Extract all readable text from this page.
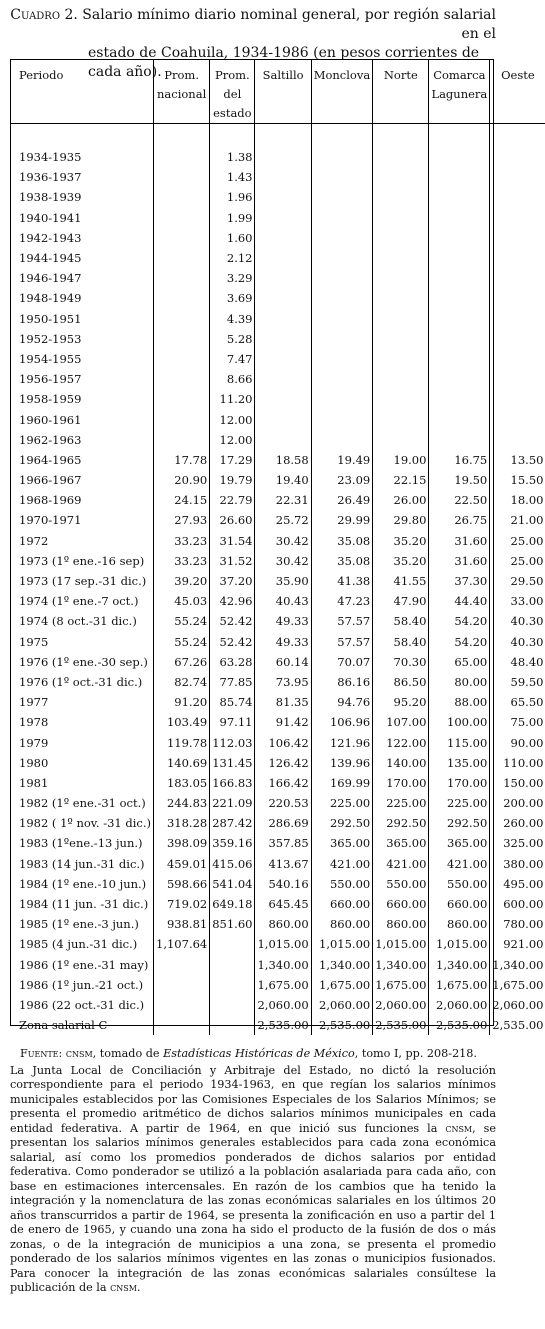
Cuadro 2. Salario mínimo diario nominal general, por región salarial en el
estado de Coahuila, 1934-1986 (en pesos corrientes de cada año).
Periodo	Prom. nacional	Prom. del estado	Saltillo	Monclova	Norte	Comarca Lagunera	Oeste

1934-1935		1.38					
1936-1937		1.43					
1938-1939		1.96					
1940-1941		1.99					
1942-1943		1.60					
1944-1945		2.12					
1946-1947		3.29					
1948-1949		3.69					
1950-1951		4.39					
1952-1953		5.28					
1954-1955		7.47					
1956-1957		8.66					
1958-1959		11.20					
1960-1961		12.00					
1962-1963		12.00					
1964-1965	17.78	17.29	18.58	19.49	19.00	16.75	13.50
1966-1967	20.90	19.79	19.40	23.09	22.15	19.50	15.50
1968-1969	24.15	22.79	22.31	26.49	26.00	22.50	18.00
1970-1971	27.93	26.60	25.72	29.99	29.80	26.75	21.00
1972	33.23	31.54	30.42	35.08	35.20	31.60	25.00
1973 (1º ene.-16 sep)	33.23	31.52	30.42	35.08	35.20	31.60	25.00
1973 (17 sep.-31 dic.)	39.20	37.20	35.90	41.38	41.55	37.30	29.50
1974 (1º ene.-7 oct.)	45.03	42.96	40.43	47.23	47.90	44.40	33.00
1974 (8 oct.-31 dic.)	55.24	52.42	49.33	57.57	58.40	54.20	40.30
1975	55.24	52.42	49.33	57.57	58.40	54.20	40.30
1976 (1º ene.-30 sep.)	67.26	63.28	60.14	70.07	70.30	65.00	48.40
1976 (1º oct.-31 dic.)	82.74	77.85	73.95	86.16	86.50	80.00	59.50
1977	91.20	85.74	81.35	94.76	95.20	88.00	65.50
1978	103.49	97.11	91.42	106.96	107.00	100.00	75.00
1979	119.78	112.03	106.42	121.96	122.00	115.00	90.00
1980	140.69	131.45	126.42	139.96	140.00	135.00	110.00
1981	183.05	166.83	166.42	169.99	170.00	170.00	150.00
1982 (1º ene.-31 oct.)	244.83	221.09	220.53	225.00	225.00	225.00	200.00
1982 ( 1º nov. -31 dic.)	318.28	287.42	286.69	292.50	292.50	292.50	260.00
1983 (1ºene.-13 jun.)	398.09	359.16	357.85	365.00	365.00	365.00	325.00
1983 (14 jun.-31 dic.)	459.01	415.06	413.67	421.00	421.00	421.00	380.00
1984 (1º ene.-10 jun.)	598.66	541.04	540.16	550.00	550.00	550.00	495.00
1984 (11 jun. -31 dic.)	719.02	649.18	645.45	660.00	660.00	660.00	600.00
1985 (1º ene.-3 jun.)	938.81	851.60	860.00	860.00	860.00	860.00	780.00
1985 (4 jun.-31 dic.)	1,107.64		1,015.00	1,015.00	1,015.00	1,015.00	921.00
1986 (1º ene.-31 may)			1,340.00	1,340.00	1,340.00	1,340.00	1,340.00
1986 (1º jun.-21 oct.)			1,675.00	1,675.00	1,675.00	1,675.00	1,675.00
1986 (22 oct.-31 dic.)			2,060.00	2,060.00	2,060.00	2,060.00	2,060.00
Zona salarial C			2,535.00	2,535.00	2,535.00	2,535.00	2,535.00
Fuente: cnsm, tomado de Estadísticas Históricas de México, tomo I, pp. 208-218.

La Junta Local de Conciliación y Arbitraje del Estado, no dictó la resolución correspondiente para el periodo 1934-1963, en que regían los salarios mínimos municipales establecidos por las Comisiones Especiales de los Salarios Mínimos; se presenta el promedio aritmético de dichos salarios mínimos municipales en cada entidad federativa. A partir de 1964, en que inició sus funciones la cnsm, se presentan los salarios mínimos generales establecidos para cada zona económica salarial, así como los promedios ponderados de dichos salarios por entidad federativa. Como ponderador se utilizó a la población asalariada para cada año, con base en estimaciones intercensales. En razón de los cambios que ha tenido la integración y la nomenclatura de las zonas económicas salariales en los últimos 20 años transcurridos a partir de 1964, se presenta la zonificación en uso a partir del 1 de enero de 1965, y cuando una zona ha sido el producto de la fusión de dos o más zonas, o de la integración de municipios a una zona, se presenta el promedio ponderado de los salarios mínimos vigentes en las zonas o municipios fusionados. Para conocer la integración de las zonas económicas salariales consúltese la publicación de la cnsm.
